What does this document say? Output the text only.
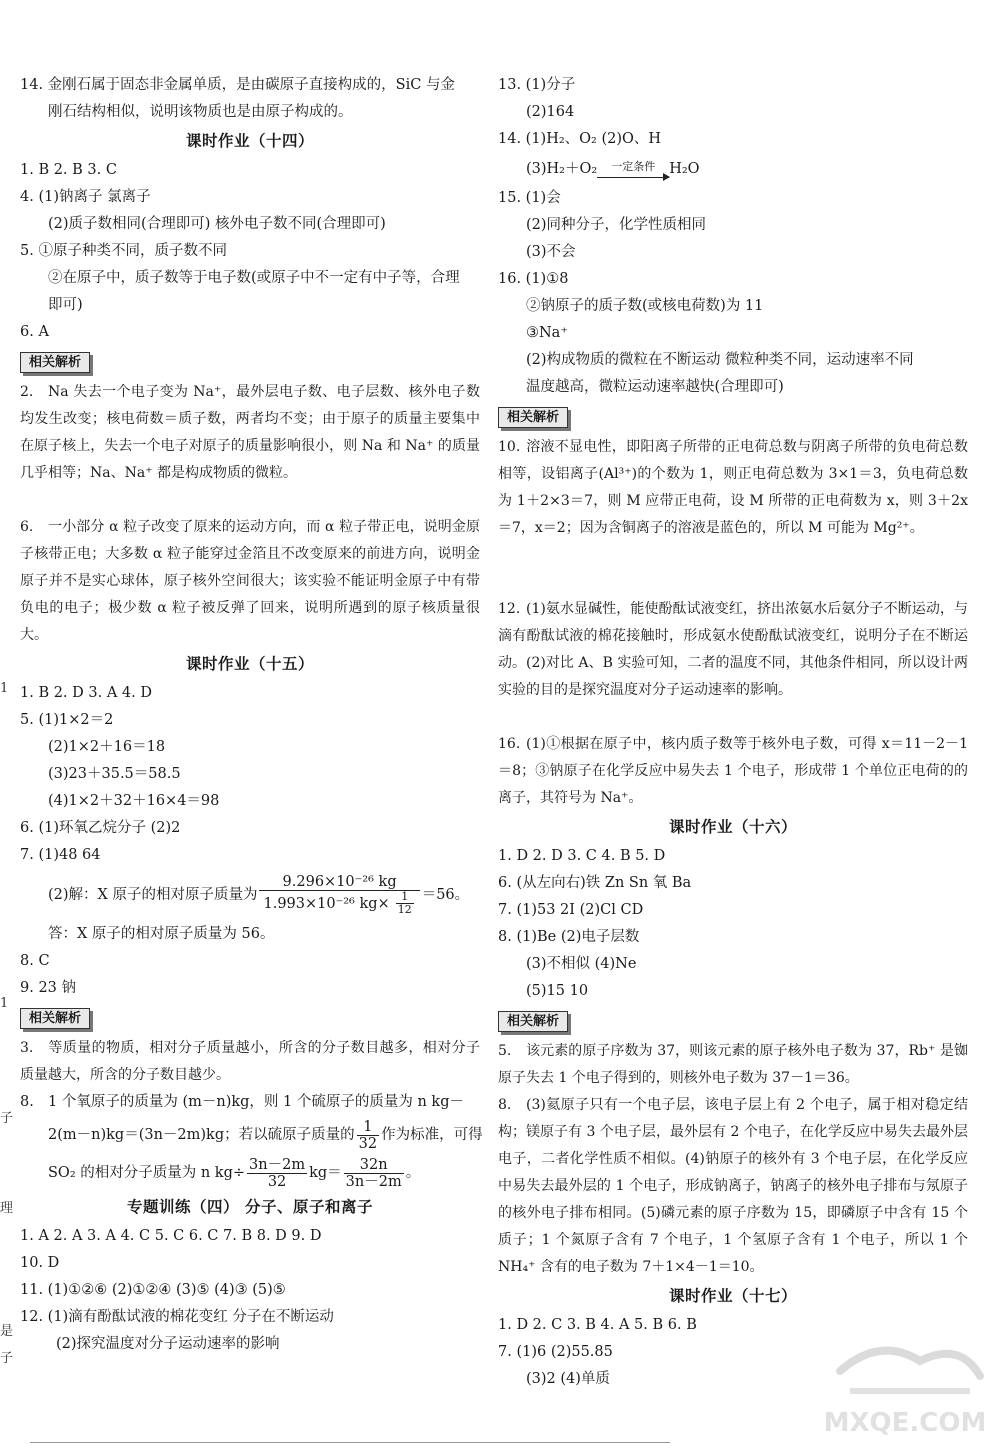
14. 金刚石属于固态非金属单质，是由碳原子直接构成的，SiC 与金
刚石结构相似，说明该物质也是由原子构成的。
课时作业（十四）
1. B 2. B 3. C
4. (1)钠离子 氯离子
(2)质子数相同(合理即可) 核外电子数不同(合理即可)
5. ①原子种类不同，质子数不同
②在原子中，质子数等于电子数(或原子中不一定有中子等，合理
即可)
6. A
相关解析
2. Na 失去一个电子变为 Na⁺，最外层电子数、电子层数、核外电子数均发生改变；核电荷数＝质子数，两者均不变；由于原子的质量主要集中在原子核上，失去一个电子对原子的质量影响很小，则 Na 和 Na⁺ 的质量几乎相等；Na、Na⁺ 都是构成物质的微粒。
6. 一小部分 α 粒子改变了原来的运动方向，而 α 粒子带正电，说明金原子核带正电；大多数 α 粒子能穿过金箔且不改变原来的前进方向，说明金原子并不是实心球体，原子核外空间很大；该实验不能证明金原子中有带负电的电子；极少数 α 粒子被反弹了回来，说明所遇到的原子核质量很大。
课时作业（十五）
1. B 2. D 3. A 4. D
5. (1)1×2＝2
(2)1×2＋16＝18
(3)23＋35.5＝58.5
(4)1×2＋32＋16×4＝98
6. (1)环氧乙烷分子 (2)2
7. (1)48 64
(2)解：X 原子的相对原子质量为 $\frac{\text{9.296×10⁻²⁶ kg}}{1.993\times 10^{-26} kg\times \frac{1}{12}} =56$。
答：X 原子的相对原子质量为 56。
8. C
9. 23 钠
相关解析
3. 等质量的物质，相对分子质量越小，所含的分子数目越多，相对分子质量越大，所含的分子数目越少。
8. 1 个氧原子的质量为 (m－n)kg，则 1 个硫原子的质量为 n kg－
2(m－n)kg＝(3n－2m)kg；若以硫原子质量的 $\frac{1}{32}$ 作为标准，可得
SO₂ 的相对分子质量为 n $kg\div \frac{3n-2m}{32} kg= \frac{32n}{3n-2m}$ 。
专题训练（四） 分子、原子和离子
1. A 2. A 3. A 4. C 5. C 6. C 7. B 8. D 9. D
10. D
11. (1)①②⑥ (2)①②④ (3)⑤ (4)③ (5)⑤
12. (1)滴有酚酞试液的棉花变红 分子在不断运动
(2)探究温度对分子运动速率的影响
13. (1)分子
(2)164
14. (1)H₂、O₂ (2)O、H
(3)H₂＋O₂	一定条件 H₂O
15. (1)会
(2)同种分子，化学性质相同
(3)不会
16. (1)①8
②钠原子的质子数(或核电荷数)为 11
③Na⁺
(2)构成物质的微粒在不断运动 微粒种类不同，运动速率不同
温度越高，微粒运动速率越快(合理即可)
相关解析
10. 溶液不显电性，即阳离子所带的正电荷总数与阴离子所带的负电荷总数相等，设铝离子(Al³⁺)的个数为 1，则正电荷总数为 3×1＝3，负电荷总数为 1＋2×3＝7，则 M 应带正电荷，设 M 所带的正电荷数为 x，则 3＋2x＝7，x＝2；因为含铜离子的溶液是蓝色的，所以 M 可能为 Mg²⁺。
12. (1)氨水显碱性，能使酚酞试液变红，挤出浓氨水后氨分子不断运动，与滴有酚酞试液的棉花接触时，形成氨水使酚酞试液变红，说明分子在不断运动。(2)对比 A、B 实验可知，二者的温度不同，其他条件相同，所以设计两实验的目的是探究温度对分子运动速率的影响。
16. (1)①根据在原子中，核内质子数等于核外电子数，可得 x＝11－2－1＝8；③钠原子在化学反应中易失去 1 个电子，形成带 1 个单位正电荷的的离子，其符号为 Na⁺。
课时作业（十六）
1. D 2. D 3. C 4. B 5. D
6. (从左向右)铁 Zn Sn 氧 Ba
7. (1)53 2I (2)Cl CD
8. (1)Be (2)电子层数
(3)不相似 (4)Ne
(5)15 10
相关解析
5. 该元素的原子序数为 37，则该元素的原子核外电子数为 37，Rb⁺ 是铷原子失去 1 个电子得到的，则核外电子数为 37－1＝36。
8. (3)氦原子只有一个电子层，该电子层上有 2 个电子，属于相对稳定结构；镁原子有 3 个电子层，最外层有 2 个电子，在化学反应中易失去最外层电子，二者化学性质不相似。(4)钠原子的核外有 3 个电子层，在化学反应中易失去最外层的 1 个电子，形成钠离子，钠离子的核外电子排布与氖原子的核外电子排布相同。(5)磷元素的原子序数为 15，即磷原子中含有 15 个质子；1 个氮原子含有 7 个电子，1 个氢原子含有 1 个电子，所以 1 个 NH₄⁺ 含有的电子数为 7＋1×4－1＝10。
课时作业（十七）
1. D 2. C 3. B 4. A 5. B 6. B
7. (1)6 (2)55.85
(3)2 (4)单质
1
1
子
理
是
子
MXQE.COM
